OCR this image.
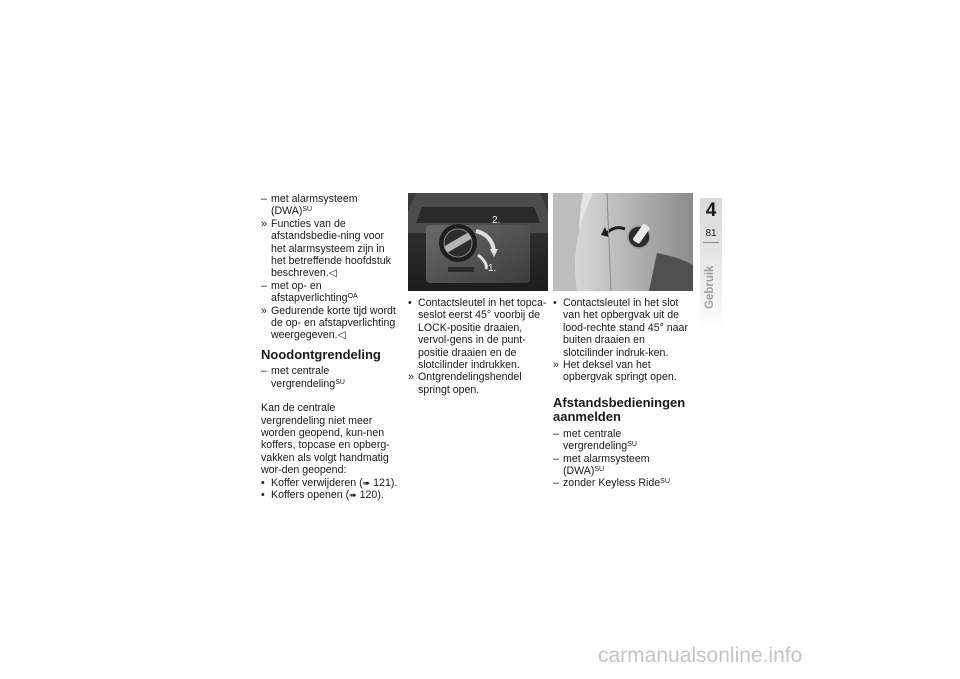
– met alarmsysteem (DWA)$^{SU}$
» Functies van de afstandsbedie-ning voor het alarmsysteem zijn in het betreffende hoofdstuk beschreven.◁
– met op- en afstapverlichting$^{OA}$
» Gedurende korte tijd wordt de op- en afstapverlichting weergegeven.◁
Noodontgrendeling
– met centrale vergrendeling$^{SU}$
Kan de centrale vergrendeling niet meer worden geopend, kun-nen koffers, topcase en opberg-vakken als volgt handmatig wor-den geopend:
• Koffer verwijderen (➠ 121).
• Koffers openen (➠ 120).
2.
1.
• Contactsleutel in het topca-seslot eerst 45° voorbij de LOCK-positie draaien, vervol-gens in de punt-positie draaien en de slotcilinder indrukken.
» Ontgrendelingshendel springt open.
• Contactsleutel in het slot van het opbergvak uit de lood-rechte stand 45° naar buiten draaien en slotcilinder indruk-ken.
» Het deksel van het opbergvak springt open.
Afstandsbedieningen aanmelden
– met centrale vergrendeling$^{SU}$
– met alarmsysteem (DWA)$^{SU}$
– zonder Keyless Ride$^{SU}$
4
81
Gebruik
carmanualsonline.info
